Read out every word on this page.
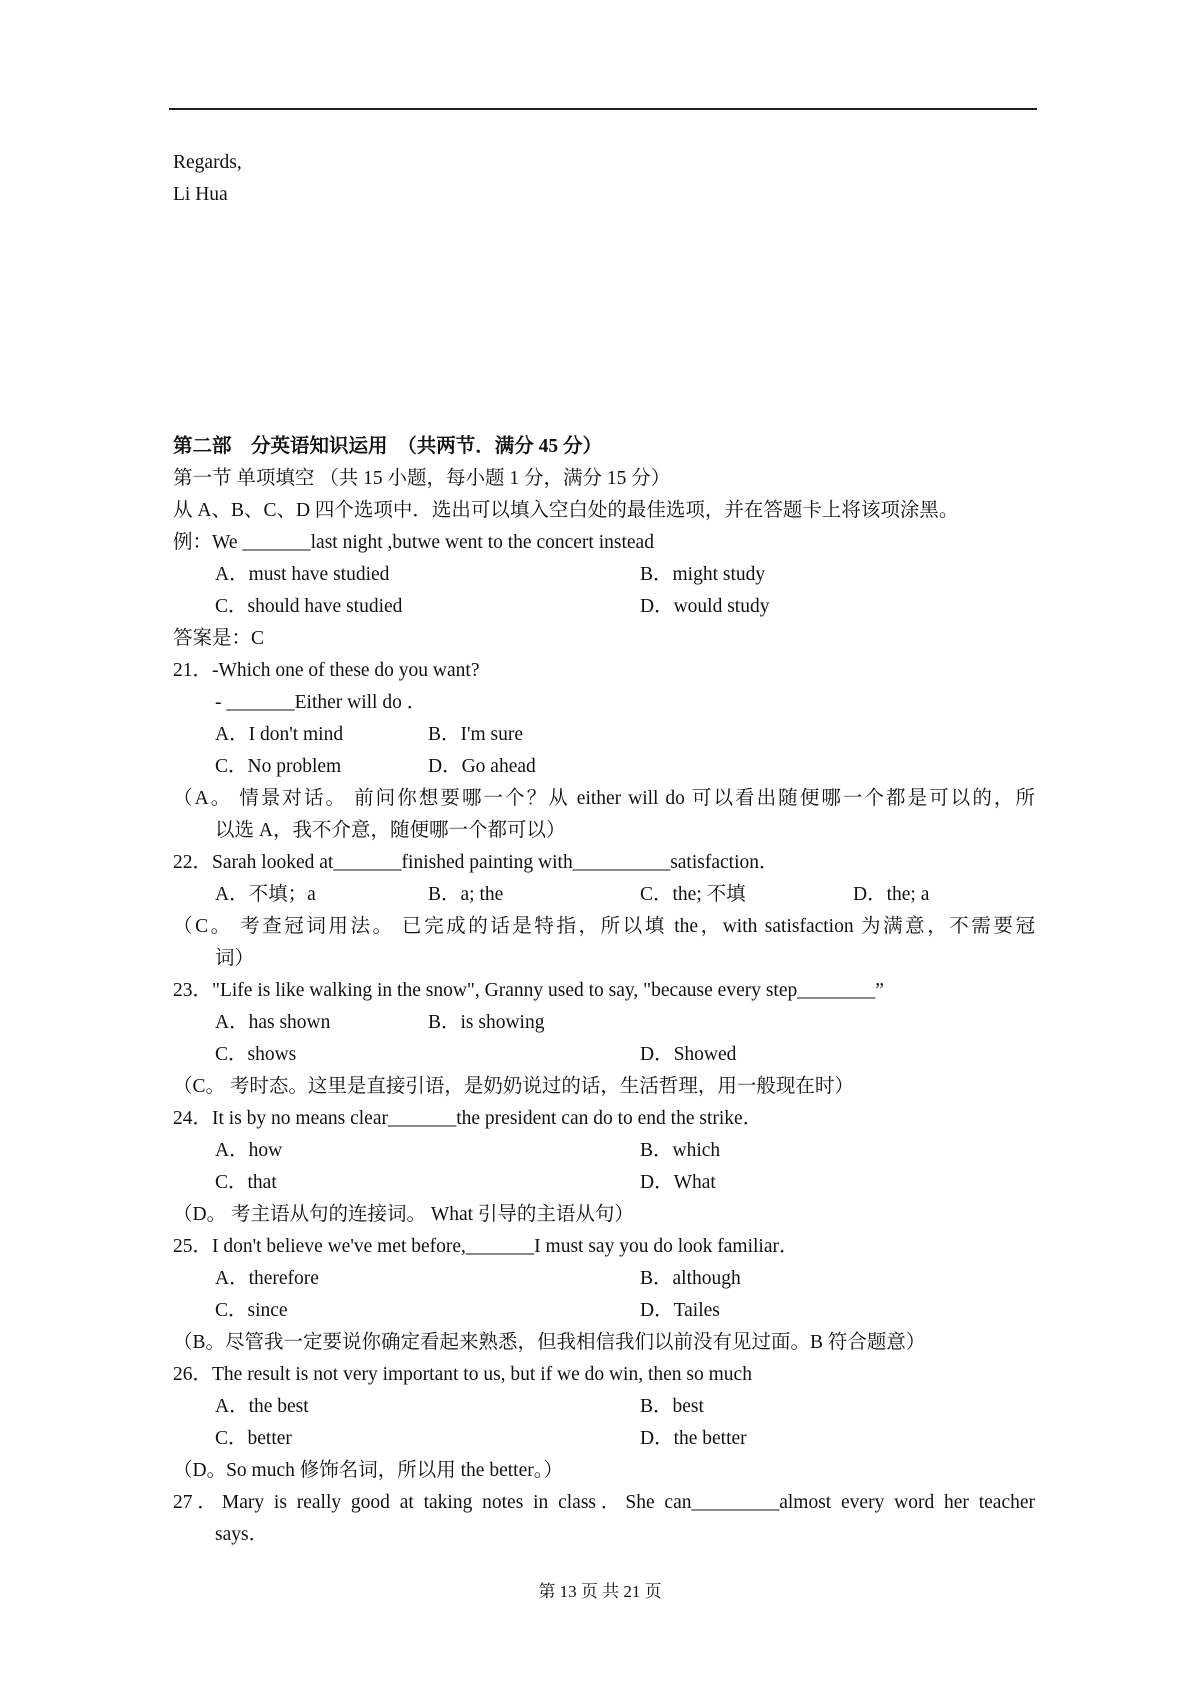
Regards,
Li Hua
第二部　分英语知识运用　（共两节．满分 45 分）
第一节 单项填空 （共 15 小题，每小题 1 分，满分 15 分）
从 A、B、C、D 四个选项中．选出可以填入空白处的最佳选项，并在答题卡上将该项涂黑。
例：We _______last night ,butwe went to the concert instead
A．must have studied	B．might study
C．should have studied	D．would study
答案是：C
21．-Which one of these do you want?
- _______Either will do ．
A．I don't mind	B．I'm sure
C．No problem	D．Go ahead
（A。 情景对话。 前问你想要哪一个？从 either will do 可以看出随便哪一个都是可以的，所
以选 A，我不介意，随便哪一个都可以）
22．Sarah looked at_______finished painting with__________satisfaction．
A．不填；a	B．a; the	C．the; 不填	D．the; a
（C。 考查冠词用法。 已完成的话是特指，所以填 the，with satisfaction 为满意，不需要冠
词）
23．"Life is like walking in the snow", Granny used to say, "because every step________”
A．has shown	B．is showing
C．shows	D．Showed
（C。 考时态。这里是直接引语，是奶奶说过的话，生活哲理，用一般现在时）
24．It is by no means clear_______the president can do to end the strike．
A．how	B．which
C．that	D．What
（D。 考主语从句的连接词。 What 引导的主语从句）
25．I don't believe we've met before,_______I must say you do look familiar．
A．therefore	B．although
C．since	D．Tailes
（B。尽管我一定要说你确定看起来熟悉，但我相信我们以前没有见过面。B 符合题意）
26．The result is not very important to us, but if we do win, then so much
A．the best	B．best
C．better	D．the better
（D。So much 修饰名词，所以用 the better。）
27．Mary is really good at taking notes in class．She can_________almost every word her teacher
says．
第 13 页 共 21 页
